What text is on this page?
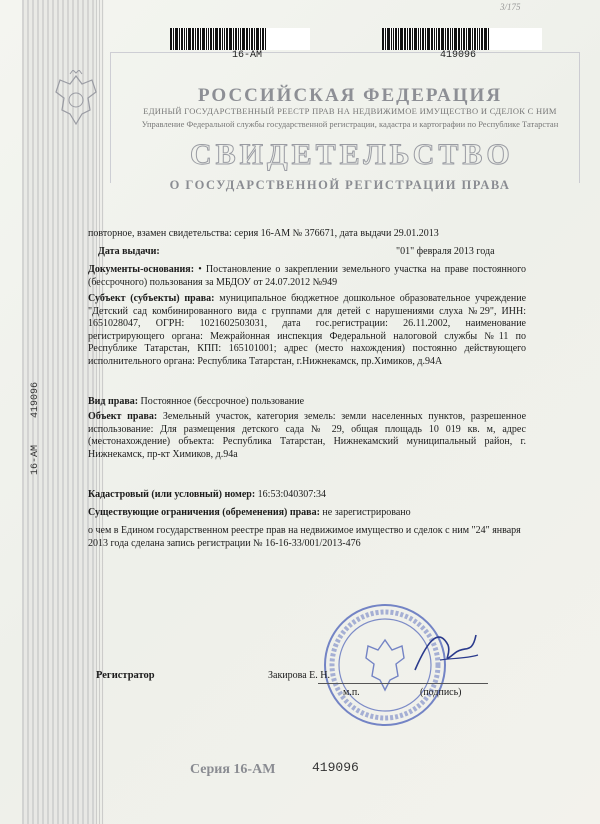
3/175
16-АМ	419096
РОССИЙСКАЯ ФЕДЕРАЦИЯ
ЕДИНЫЙ ГОСУДАРСТВЕННЫЙ РЕЕСТР ПРАВ НА НЕДВИЖИМОЕ ИМУЩЕСТВО И СДЕЛОК С НИМ
Управление Федеральной службы государственной регистрации, кадастра и картографии по Республике Татарстан
СВИДЕТЕЛЬСТВО
О ГОСУДАРСТВЕННОЙ РЕГИСТРАЦИИ ПРАВА
16-АМ
419096
повторное, взамен свидетельства: серия 16-АМ № 376671, дата выдачи 29.01.2013
Дата выдачи:	"01" февраля 2013 года
Документы-основания: • Постановление о закреплении земельного участка на праве постоянного (бессрочного) пользования за МБДОУ от 24.07.2012 №949
Субъект (субъекты) права: муниципальное бюджетное дошкольное образовательное учреждение "Детский сад комбинированного вида с группами для детей с нарушениями слуха №29", ИНН: 1651028047, ОГРН: 1021602503031, дата гос.регистрации: 26.11.2002, наименование регистрирующего органа: Межрайонная инспекция Федеральной налоговой службы №11 по Республике Татарстан, КПП: 165101001; адрес (место нахождения) постоянно действующего исполнительного органа: Республика Татарстан, г.Нижнекамск, пр.Химиков, д.94А
Вид права: Постоянное (бессрочное) пользование
Объект права: Земельный участок, категория земель: земли населенных пунктов, разрешенное использование: Для размещения детского сада № 29, общая площадь 10 019 кв. м, адрес (местонахождение) объекта: Республика Татарстан, Нижнекамский муниципальный район, г. Нижнекамск, пр-кт Химиков, д.94а
Кадастровый (или условный) номер: 16:53:040307:34
Существующие ограничения (обременения) права: не зарегистрировано
о чем в Едином государственном реестре прав на недвижимое имущество и сделок с ним "24" января 2013 года сделана запись регистрации № 16-16-33/001/2013-476
Регистратор	Закирова Е. Н.
м.п.	(подпись)
Серия 16-АМ	419096
